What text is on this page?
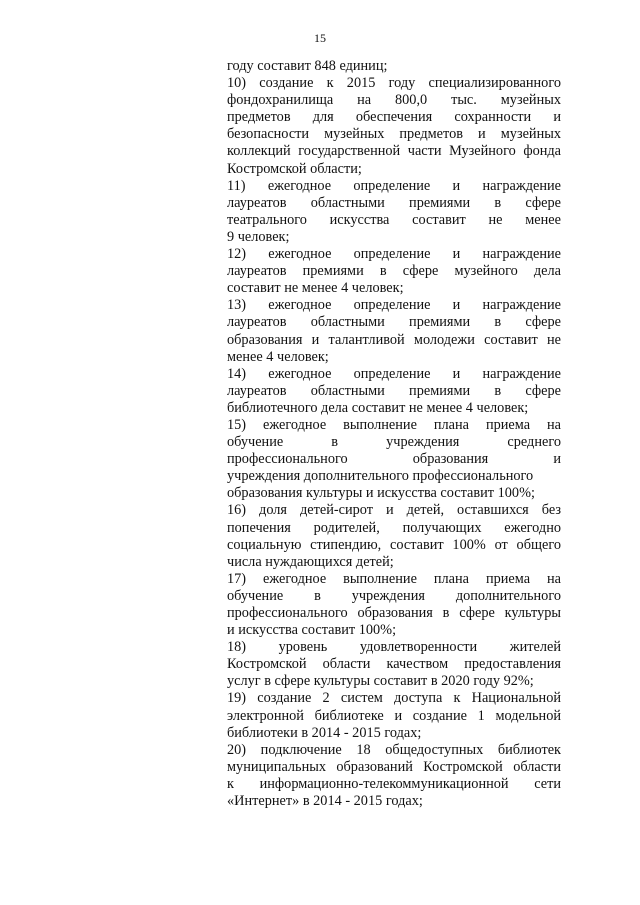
15
году составит 848 единиц;
10) создание к 2015 году специализированного
фондохранилища на 800,0 тыс. музейных
предметов для обеспечения сохранности и
безопасности музейных предметов и музейных
коллекций государственной части Музейного фонда
Костромской области;
11) ежегодное определение и награждение
лауреатов областными премиями в сфере
театрального искусства составит не менее
9 человек;
12) ежегодное определение и награждение
лауреатов премиями в сфере музейного дела
составит не менее 4 человек;
13) ежегодное определение и награждение
лауреатов областными премиями в сфере
образования и талантливой молодежи составит не
менее 4 человек;
14) ежегодное определение и награждение
лауреатов областными премиями в сфере
библиотечного дела составит не менее 4 человек;
15) ежегодное выполнение плана приема на
обучение в учреждения среднего
профессионального образования и
учреждения дополнительного профессионального
образования культуры и искусства составит 100%;
16) доля детей-сирот и детей, оставшихся без
попечения родителей, получающих ежегодно
социальную стипендию, составит 100% от общего
числа нуждающихся детей;
17) ежегодное выполнение плана приема на
обучение в учреждения дополнительного
профессионального образования в сфере культуры
и искусства составит 100%;
18) уровень удовлетворенности жителей
Костромской области качеством предоставления
услуг в сфере культуры составит в 2020 году 92%;
19) создание 2 систем доступа к Национальной
электронной библиотеке и создание 1 модельной
библиотеки в 2014 - 2015 годах;
20) подключение 18 общедоступных библиотек
муниципальных образований Костромской области
к информационно-телекоммуникационной сети
«Интернет» в 2014 - 2015 годах;
